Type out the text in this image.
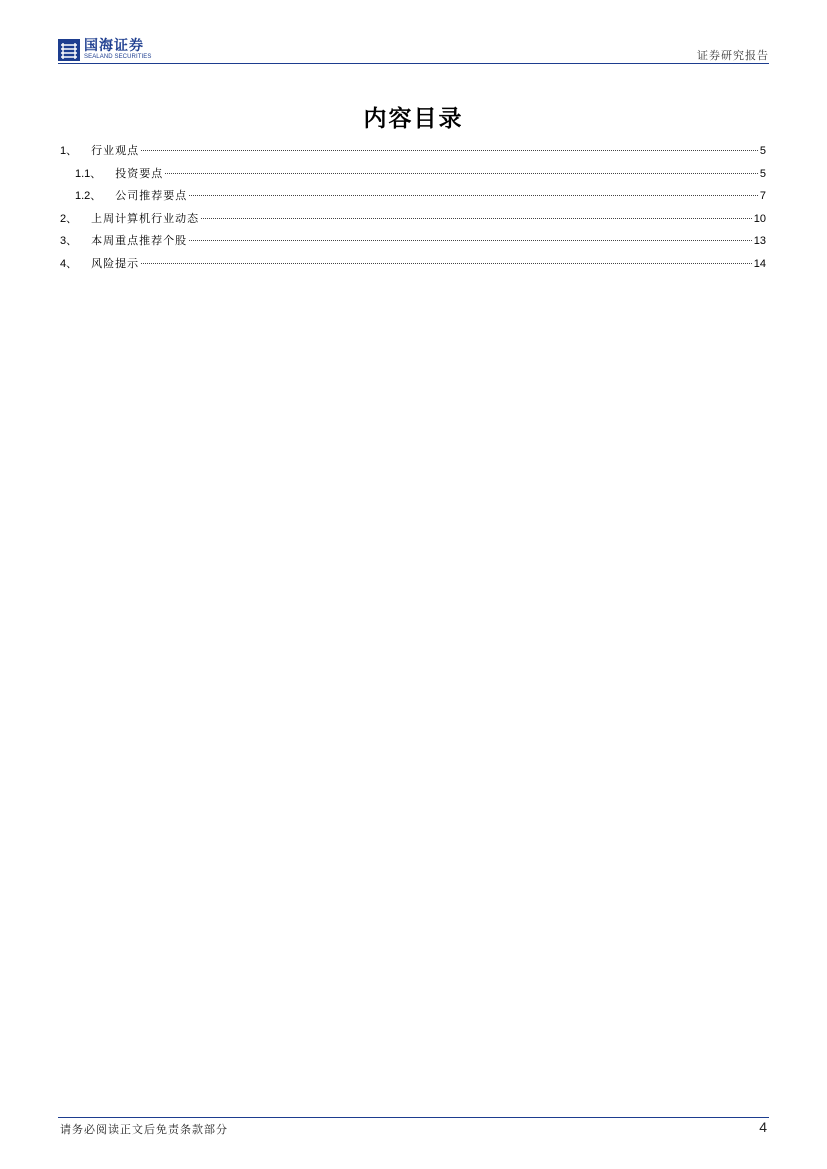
国海证券
SEALAND SECURITIES	证券研究报告
内容目录
1、 行业观点	5
1.1、 投资要点	5
1.2、 公司推荐要点	7
2、 上周计算机行业动态	10
3、 本周重点推荐个股	13
4、 风险提示	14
请务必阅读正文后免责条款部分	4
